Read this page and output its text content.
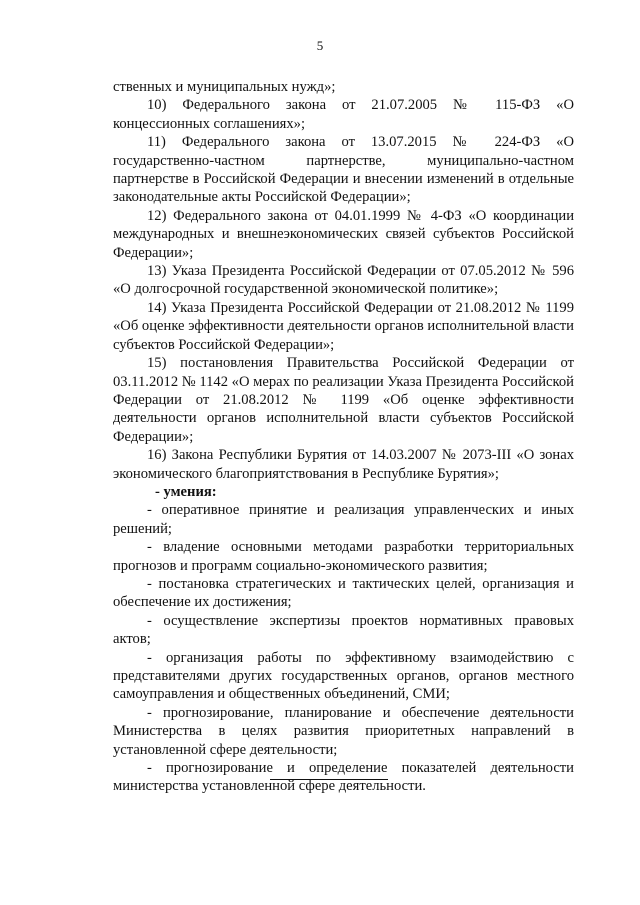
5

ственных и муниципальных нужд»;

10) Федерального закона от 21.07.2005 № 115-ФЗ «О концессионных соглашениях»;

11) Федерального закона от 13.07.2015 № 224-ФЗ «О государственно-частном партнерстве, муниципально-частном партнерстве в Российской Федерации и внесении изменений в отдельные законодательные акты Российской Федерации»;

12) Федерального закона от 04.01.1999 № 4-ФЗ «О координации международных и внешнеэкономических связей субъектов Российской Федерации»;

13) Указа Президента Российской Федерации от 07.05.2012 № 596 «О долгосрочной государственной экономической политике»;

14) Указа Президента Российской Федерации от 21.08.2012 № 1199 «Об оценке эффективности деятельности органов исполнительной власти субъектов Российской Федерации»;

15) постановления Правительства Российской Федерации от 03.11.2012 № 1142 «О мерах по реализации Указа Президента Российской Федерации от 21.08.2012 № 1199 «Об оценке эффективности деятельности органов исполнительной власти субъектов Российской Федерации»;

16) Закона Республики Бурятия от 14.03.2007 № 2073-III «О зонах экономического благоприятствования в Республике Бурятия»;

- умения:

- оперативное принятие и реализация управленческих и иных решений;

- владение основными методами разработки территориальных прогнозов и программ социально-экономического развития;

- постановка стратегических и тактических целей, организация и обеспечение их достижения;

- осуществление экспертизы проектов нормативных правовых актов;

- организация работы по эффективному взаимодействию с представителями других государственных органов, органов местного самоуправления и общественных объединений, СМИ;

- прогнозирование, планирование и обеспечение деятельности Министерства в целях развития приоритетных направлений в установленной сфере деятельности;

- прогнозирование и определение показателей деятельности министерства установленной сфере деятельности.
